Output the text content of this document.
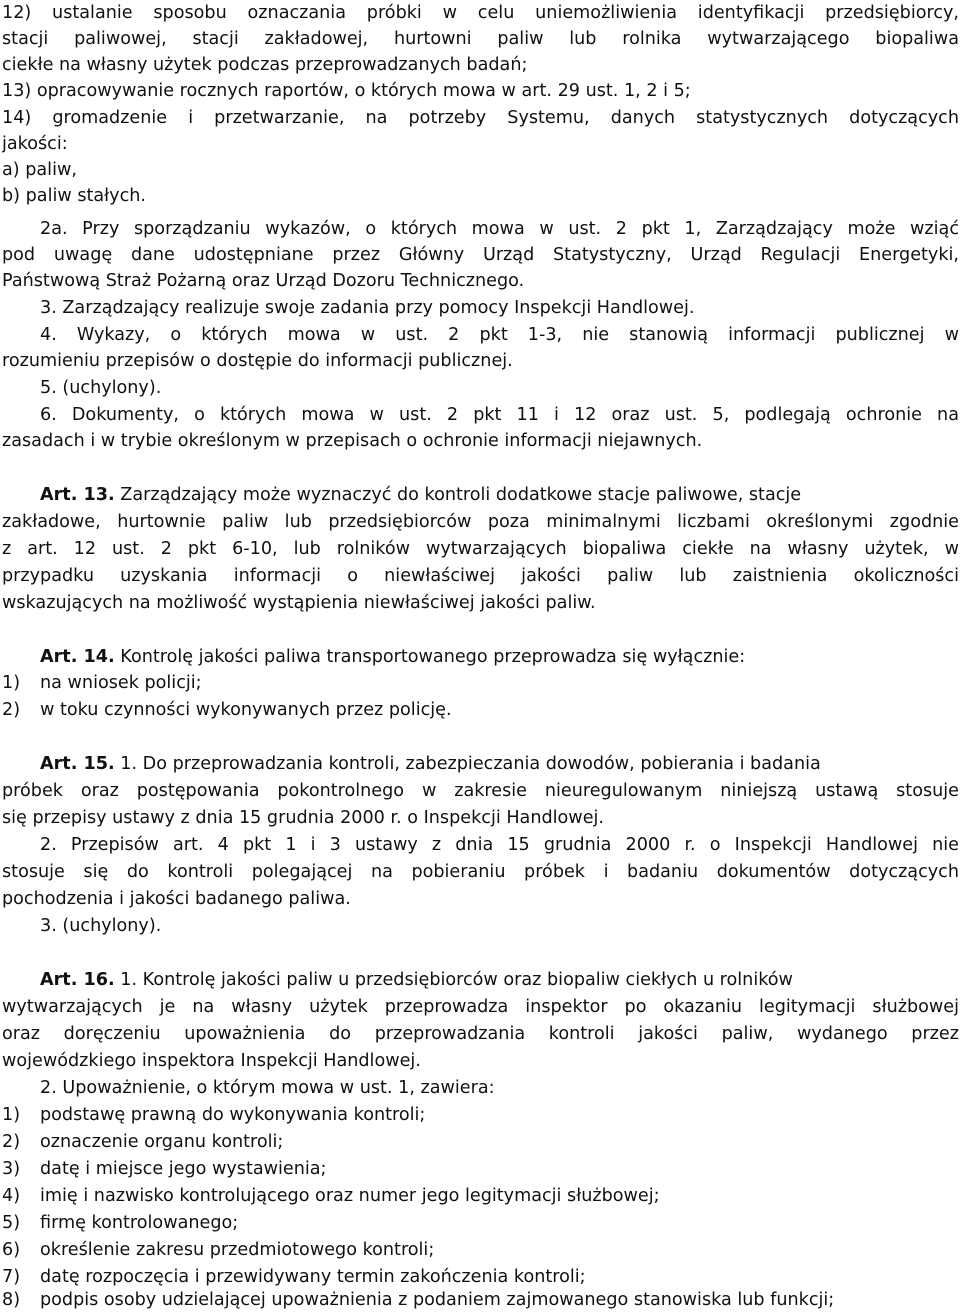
12) ustalanie sposobu oznaczania próbki w celu uniemożliwienia identyfikacji przedsiębiorcy,
stacji paliwowej, stacji zakładowej, hurtowni paliw lub rolnika wytwarzającego biopaliwa
ciekłe na własny użytek podczas przeprowadzanych badań;
13) opracowywanie rocznych raportów, o których mowa w art. 29 ust. 1, 2 i 5;
14) gromadzenie i przetwarzanie, na potrzeby Systemu, danych statystycznych dotyczących
jakości:
a) paliw,
b) paliw stałych.
2a. Przy sporządzaniu wykazów, o których mowa w ust. 2 pkt 1, Zarządzający może wziąć
pod uwagę dane udostępniane przez Główny Urząd Statystyczny, Urząd Regulacji Energetyki,
Państwową Straż Pożarną oraz Urząd Dozoru Technicznego.
3. Zarządzający realizuje swoje zadania przy pomocy Inspekcji Handlowej.
4. Wykazy, o których mowa w ust. 2 pkt 1-3, nie stanowią informacji publicznej w
rozumieniu przepisów o dostępie do informacji publicznej.
5. (uchylony).
6. Dokumenty, o których mowa w ust. 2 pkt 11 i 12 oraz ust. 5, podlegają ochronie na
zasadach i w trybie określonym w przepisach o ochronie informacji niejawnych.
Art. 13. Zarządzający może wyznaczyć do kontroli dodatkowe stacje paliwowe, stacje
zakładowe, hurtownie paliw lub przedsiębiorców poza minimalnymi liczbami określonymi zgodnie
z art. 12 ust. 2 pkt 6-10, lub rolników wytwarzających biopaliwa ciekłe na własny użytek, w
przypadku uzyskania informacji o niewłaściwej jakości paliw lub zaistnienia okoliczności
wskazujących na możliwość wystąpienia niewłaściwej jakości paliw.
Art. 14. Kontrolę jakości paliwa transportowanego przeprowadza się wyłącznie:
1) na wniosek policji;
2) w toku czynności wykonywanych przez policję.
Art. 15. 1. Do przeprowadzania kontroli, zabezpieczania dowodów, pobierania i badania
próbek oraz postępowania pokontrolnego w zakresie nieuregulowanym niniejszą ustawą stosuje
się przepisy ustawy z dnia 15 grudnia 2000 r. o Inspekcji Handlowej.
2. Przepisów art. 4 pkt 1 i 3 ustawy z dnia 15 grudnia 2000 r. o Inspekcji Handlowej nie
stosuje się do kontroli polegającej na pobieraniu próbek i badaniu dokumentów dotyczących
pochodzenia i jakości badanego paliwa.
3. (uchylony).
Art. 16. 1. Kontrolę jakości paliw u przedsiębiorców oraz biopaliw ciekłych u rolników
wytwarzających je na własny użytek przeprowadza inspektor po okazaniu legitymacji służbowej
oraz doręczeniu upoważnienia do przeprowadzania kontroli jakości paliw, wydanego przez
wojewódzkiego inspektora Inspekcji Handlowej.
2. Upoważnienie, o którym mowa w ust. 1, zawiera:
1) podstawę prawną do wykonywania kontroli;
2) oznaczenie organu kontroli;
3) datę i miejsce jego wystawienia;
4) imię i nazwisko kontrolującego oraz numer jego legitymacji służbowej;
5) firmę kontrolowanego;
6) określenie zakresu przedmiotowego kontroli;
7) datę rozpoczęcia i przewidywany termin zakończenia kontroli;
8) podpis osoby udzielającej upoważnienia z podaniem zajmowanego stanowiska lub funkcji;
